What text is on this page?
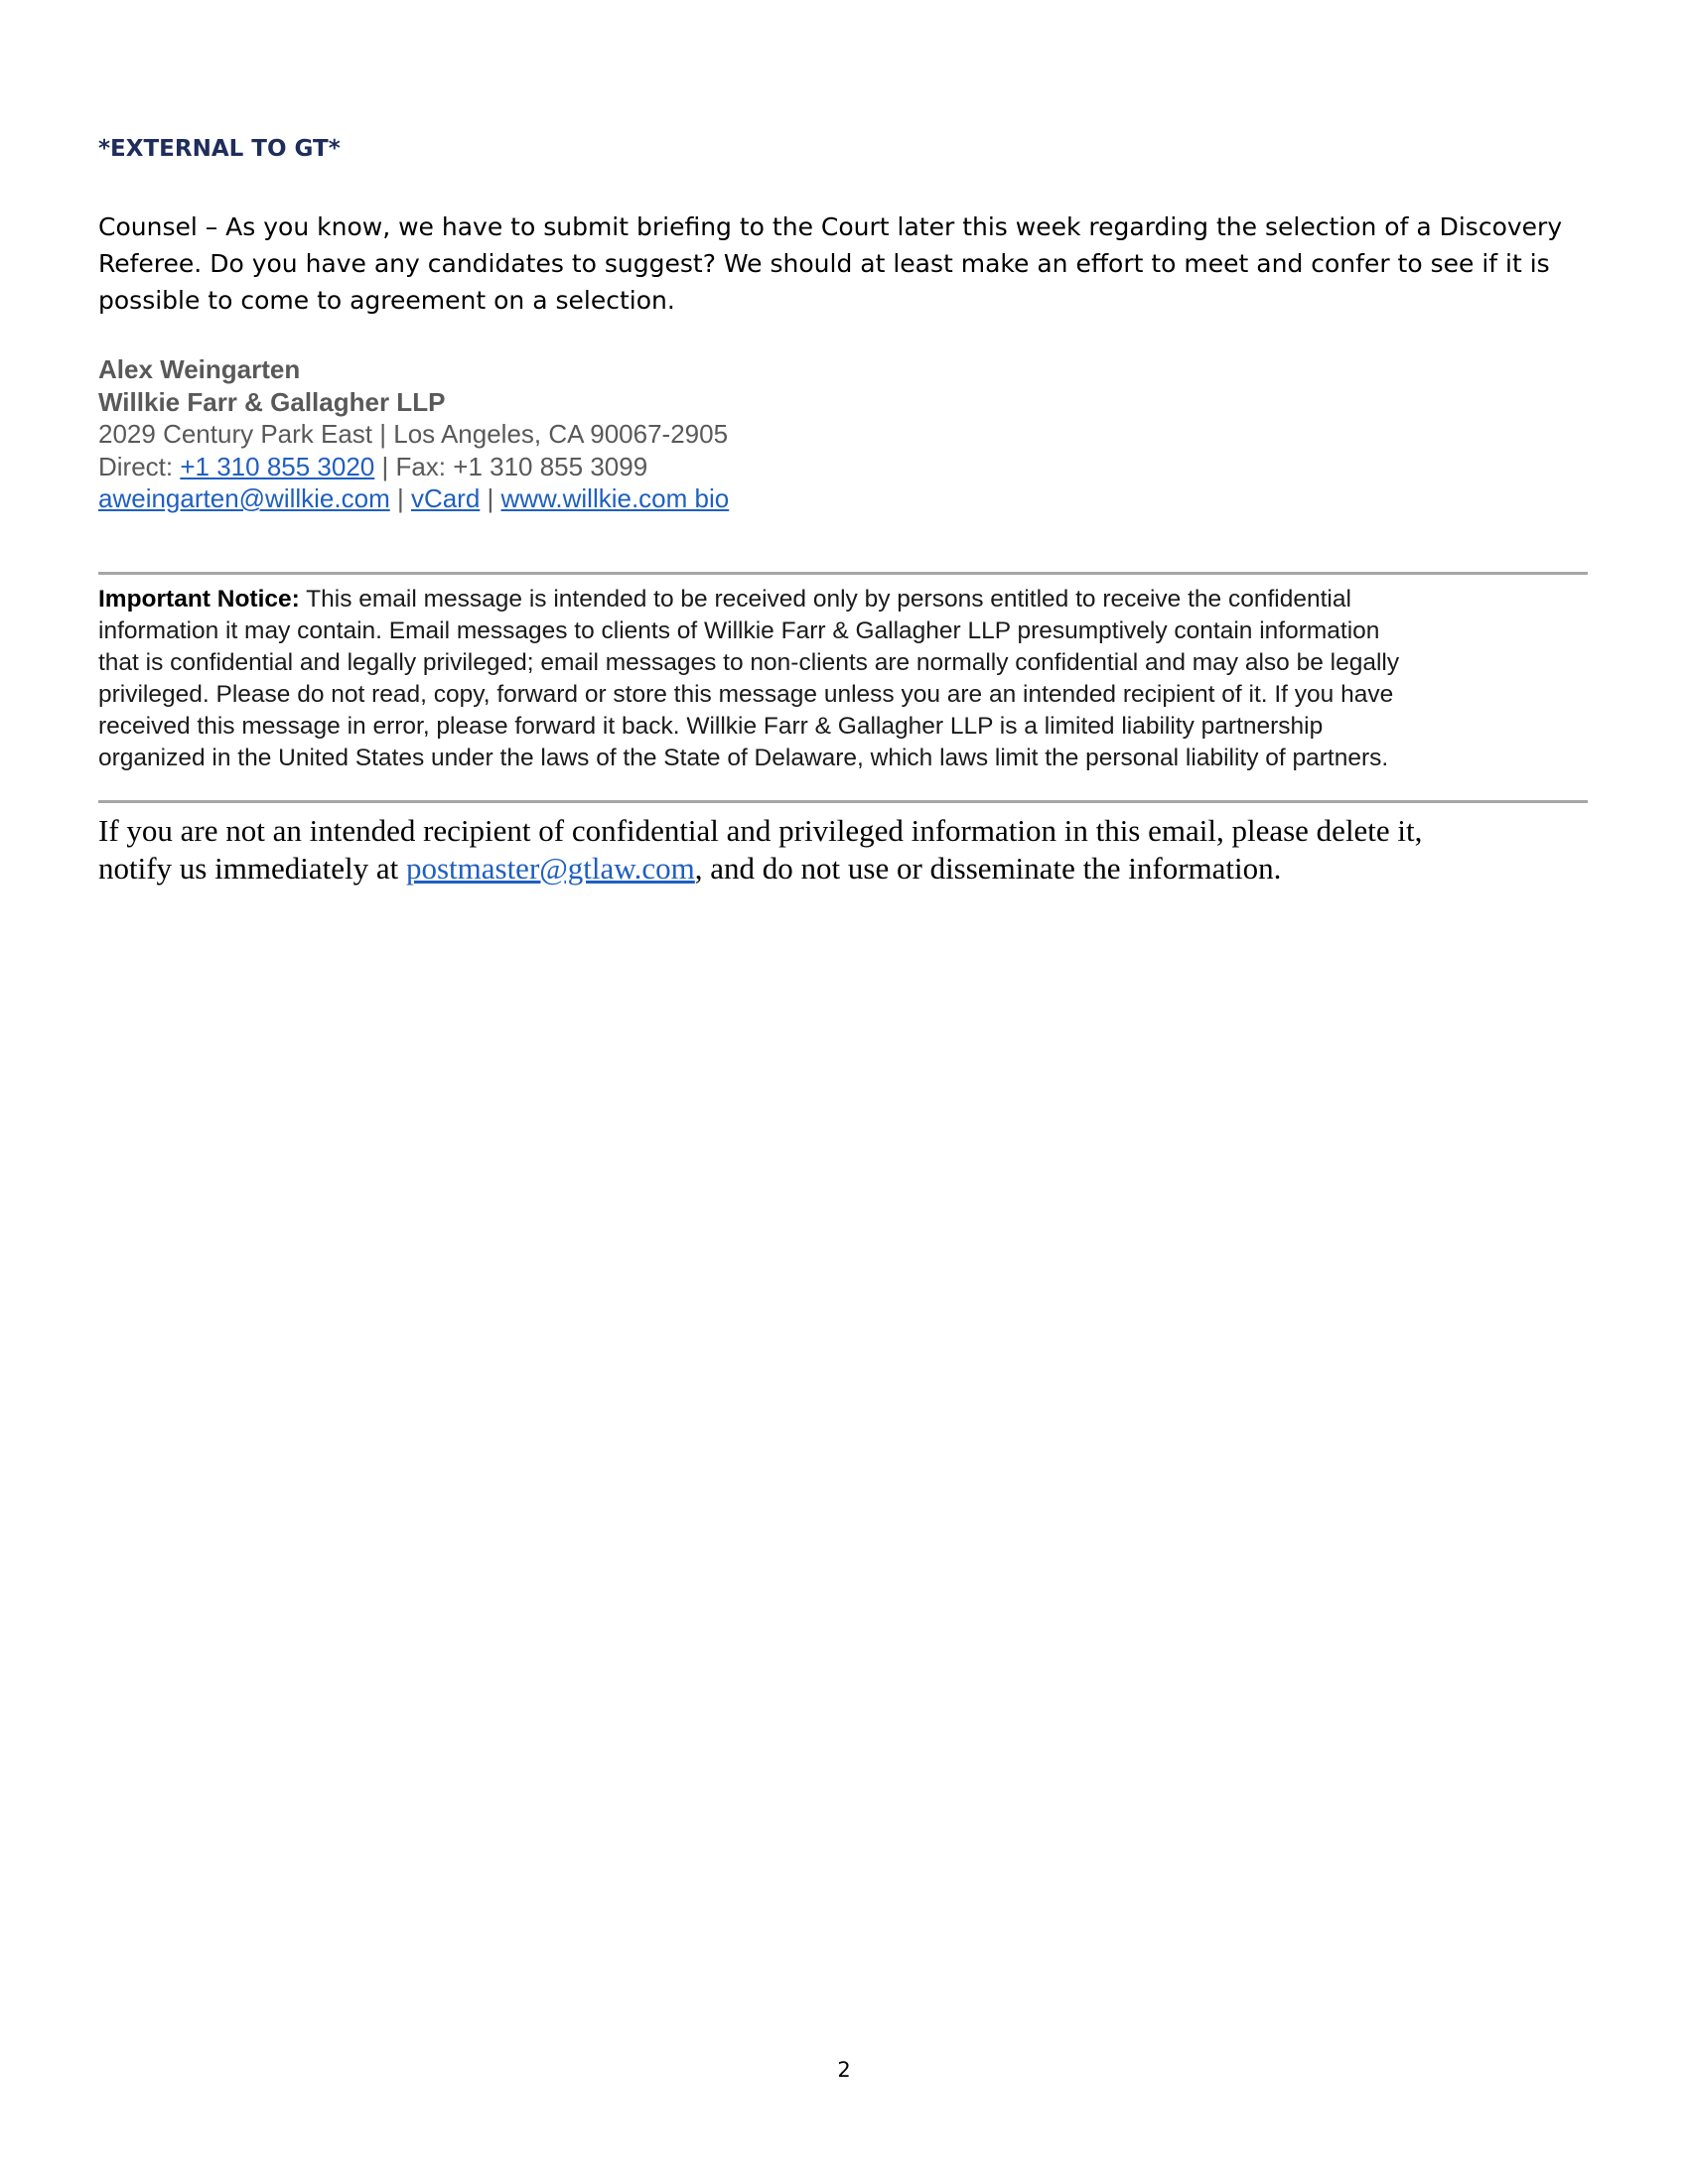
*EXTERNAL TO GT*
Counsel – As you know, we have to submit briefing to the Court later this week regarding the selection of a Discovery
Referee. Do you have any candidates to suggest? We should at least make an effort to meet and confer to see if it is
possible to come to agreement on a selection.
Alex Weingarten
Willkie Farr & Gallagher LLP
2029 Century Park East | Los Angeles, CA 90067-2905
Direct: +1 310 855 3020 | Fax: +1 310 855 3099
aweingarten@willkie.com | vCard | www.willkie.com bio
Important Notice: This email message is intended to be received only by persons entitled to receive the confidential
information it may contain. Email messages to clients of Willkie Farr & Gallagher LLP presumptively contain information
that is confidential and legally privileged; email messages to non-clients are normally confidential and may also be legally
privileged. Please do not read, copy, forward or store this message unless you are an intended recipient of it. If you have
received this message in error, please forward it back. Willkie Farr & Gallagher LLP is a limited liability partnership
organized in the United States under the laws of the State of Delaware, which laws limit the personal liability of partners.
If you are not an intended recipient of confidential and privileged information in this email, please delete it,
notify us immediately at postmaster@gtlaw.com, and do not use or disseminate the information.
2
